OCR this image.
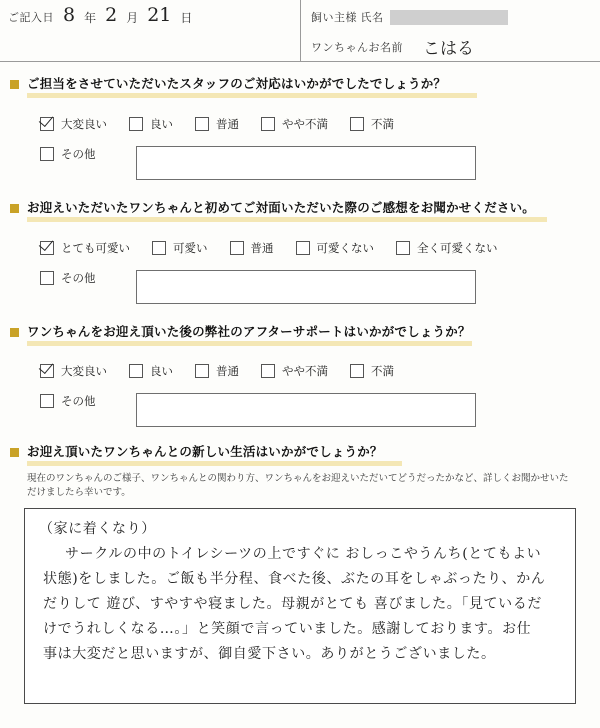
ご記入日 8 年 2 月 21 日	飼い主様 氏名
ワンちゃんお名前 こはる
ご担当をさせていただいたスタッフのご対応はいかがでしたでしょうか？
大変良い	良い	普通	やや不満	不満
その他
お迎えいただいたワンちゃんと初めてご対面いただいた際のご感想をお聞かせください。
とても可愛い	可愛い	普通	可愛くない	全く可愛くない
その他
ワンちゃんをお迎え頂いた後の弊社のアフターサポートはいかがでしょうか？
大変良い	良い	普通	やや不満	不満
その他
お迎え頂いたワンちゃんとの新しい生活はいかがでしょうか？
現在のワンちゃんのご様子、ワンちゃんとの関わり方、ワンちゃんをお迎えいただいてどうだったかなど、詳しくお聞かせいただけましたら幸いです。
（家に着くなり）
サークルの中のトイレシーツの上ですぐに おしっこやうんち(とてもよい
状態)をしました。ご飯も半分程、食べた後、ぶたの耳をしゃぶったり、かん
だりして 遊び、すやすや寝ました。母親がとても 喜びました。「見ているだ
けでうれしくなる…。」と笑顔で言っていました。感謝しております。お仕
事は大変だと思いますが、御自愛下さい。ありがとうございました。
